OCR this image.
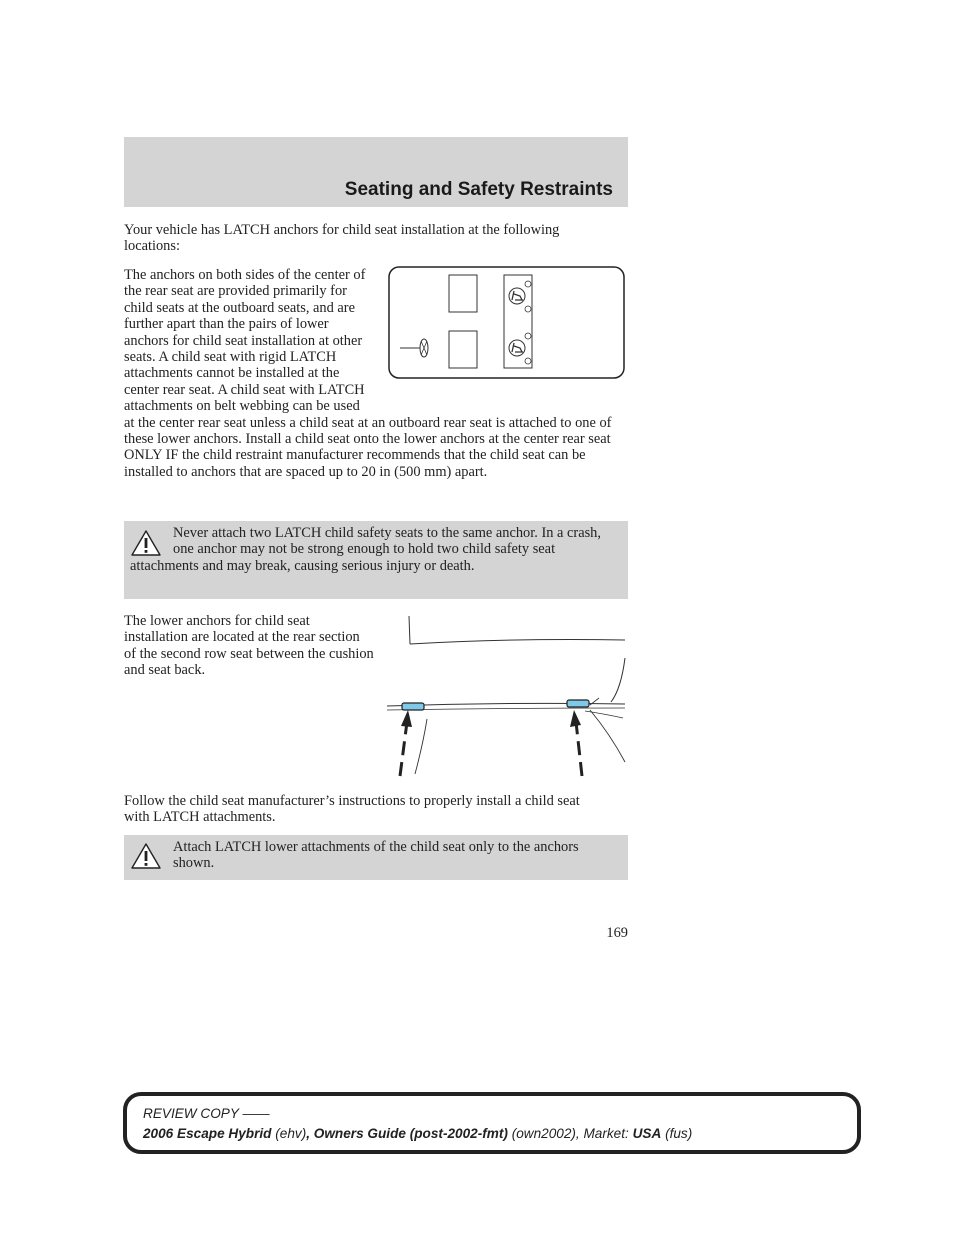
Seating and Safety Restraints

Your vehicle has LATCH anchors for child seat installation at the following locations:

The anchors on both sides of the center of the rear seat are provided primarily for child seats at the outboard seats, and are further apart than the pairs of lower anchors for child seat installation at other seats. A child seat with rigid LATCH attachments cannot be installed at the center rear seat. A child seat with LATCH attachments on belt webbing can be used at the center rear seat unless a child seat at an outboard rear seat is attached to one of these lower anchors. Install a child seat onto the lower anchors at the center rear seat ONLY IF the child restraint manufacturer recommends that the child seat can be installed to anchors that are spaced up to 20 in (500 mm) apart.

Never attach two LATCH child safety seats to the same anchor. In a crash, one anchor may not be strong enough to hold two child safety seat attachments and may break, causing serious injury or death.

The lower anchors for child seat installation are located at the rear section of the second row seat between the cushion and seat back.

Follow the child seat manufacturer’s instructions to properly install a child seat with LATCH attachments.

Attach LATCH lower attachments of the child seat only to the anchors shown.

169
REVIEW COPY ——
2006 Escape Hybrid (ehv), Owners Guide (post-2002-fmt) (own2002), Market: USA (fus)
